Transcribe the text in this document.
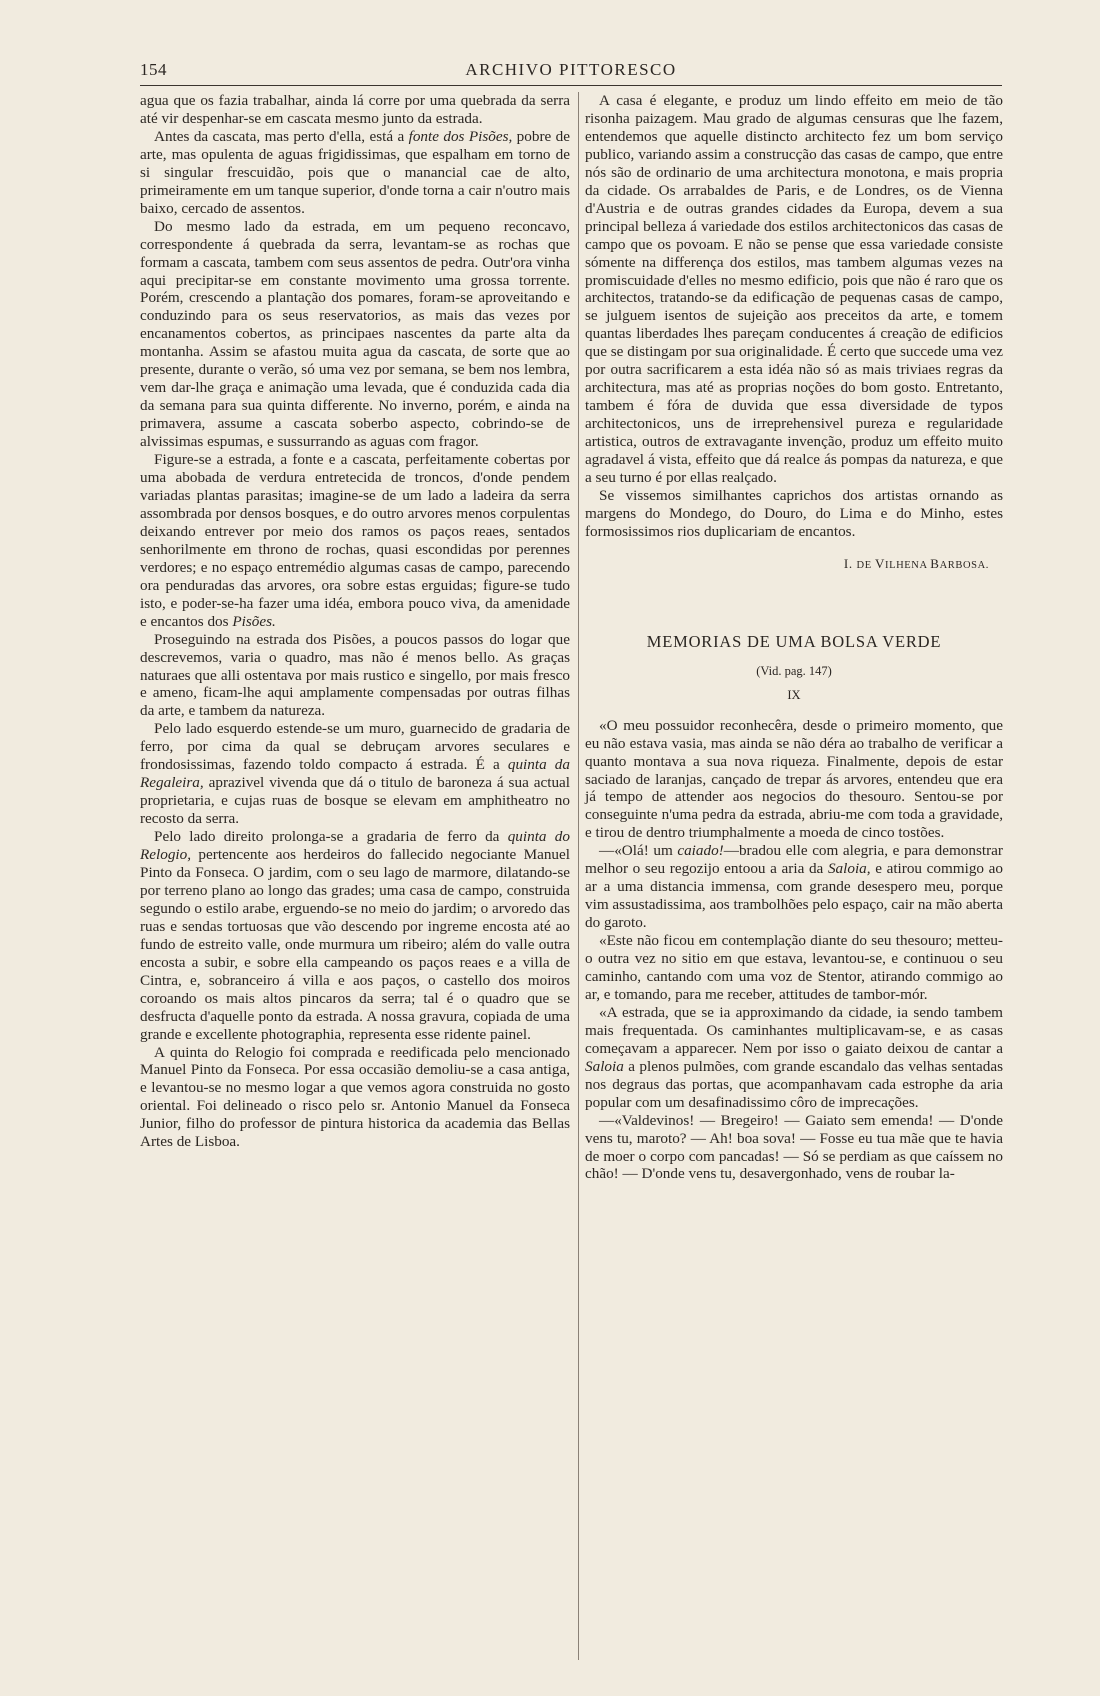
154	ARCHIVO PITTORESCO

agua que os fazia trabalhar, ainda lá corre por uma quebrada da serra até vir despenhar-se em cascata mesmo junto da estrada.

Antes da cascata, mas perto d'ella, está a fonte dos Pisões, pobre de arte, mas opulenta de aguas frigidissimas, que espalham em torno de si singular frescuidão, pois que o manancial cae de alto, primeiramente em um tanque superior, d'onde torna a cair n'outro mais baixo, cercado de assentos.

Do mesmo lado da estrada, em um pequeno reconcavo, correspondente á quebrada da serra, levantam-se as rochas que formam a cascata, tambem com seus assentos de pedra. Outr'ora vinha aqui precipitar-se em constante movimento uma grossa torrente. Porém, crescendo a plantação dos pomares, foram-se aproveitando e conduzindo para os seus reservatorios, as mais das vezes por encanamentos cobertos, as principaes nascentes da parte alta da montanha. Assim se afastou muita agua da cascata, de sorte que ao presente, durante o verão, só uma vez por semana, se bem nos lembra, vem dar-lhe graça e animação uma levada, que é conduzida cada dia da semana para sua quinta differente. No inverno, porém, e ainda na primavera, assume a cascata soberbo aspecto, cobrindo-se de alvissimas espumas, e sussurrando as aguas com fragor.

Figure-se a estrada, a fonte e a cascata, perfeitamente cobertas por uma abobada de verdura entretecida de troncos, d'onde pendem variadas plantas parasitas; imagine-se de um lado a ladeira da serra assombrada por densos bosques, e do outro arvores menos corpulentas deixando entrever por meio dos ramos os paços reaes, sentados senhorilmente em throno de rochas, quasi escondidas por perennes verdores; e no espaço entremédio algumas casas de campo, parecendo ora penduradas das arvores, ora sobre estas erguidas; figure-se tudo isto, e poder-se-ha fazer uma idéa, embora pouco viva, da amenidade e encantos dos Pisões.

Proseguindo na estrada dos Pisões, a poucos passos do logar que descrevemos, varia o quadro, mas não é menos bello. As graças naturaes que alli ostentava por mais rustico e singello, por mais fresco e ameno, ficam-lhe aqui amplamente compensadas por outras filhas da arte, e tambem da natureza.

Pelo lado esquerdo estende-se um muro, guarnecido de gradaria de ferro, por cima da qual se debruçam arvores seculares e frondosissimas, fazendo toldo compacto á estrada. É a quinta da Regaleira, aprazivel vivenda que dá o titulo de baroneza á sua actual proprietaria, e cujas ruas de bosque se elevam em amphitheatro no recosto da serra.

Pelo lado direito prolonga-se a gradaria de ferro da quinta do Relogio, pertencente aos herdeiros do fallecido negociante Manuel Pinto da Fonseca. O jardim, com o seu lago de marmore, dilatando-se por terreno plano ao longo das grades; uma casa de campo, construida segundo o estilo arabe, erguendo-se no meio do jardim; o arvoredo das ruas e sendas tortuosas que vão descendo por ingreme encosta até ao fundo de estreito valle, onde murmura um ribeiro; além do valle outra encosta a subir, e sobre ella campeando os paços reaes e a villa de Cintra, e, sobranceiro á villa e aos paços, o castello dos moiros coroando os mais altos pincaros da serra; tal é o quadro que se desfructa d'aquelle ponto da estrada. A nossa gravura, copiada de uma grande e excellente photographia, representa esse ridente painel.

A quinta do Relogio foi comprada e reedificada pelo mencionado Manuel Pinto da Fonseca. Por essa occasião demoliu-se a casa antiga, e levantou-se no mesmo logar a que vemos agora construida no gosto oriental. Foi delineado o risco pelo sr. Antonio Manuel da Fonseca Junior, filho do professor de pintura historica da academia das Bellas Artes de Lisboa.

A casa é elegante, e produz um lindo effeito em meio de tão risonha paizagem. Mau grado de algumas censuras que lhe fazem, entendemos que aquelle distincto architecto fez um bom serviço publico, variando assim a construcção das casas de campo, que entre nós são de ordinario de uma architectura monotona, e mais propria da cidade. Os arrabaldes de Paris, e de Londres, os de Vienna d'Austria e de outras grandes cidades da Europa, devem a sua principal belleza á variedade dos estilos architectonicos das casas de campo que os povoam. E não se pense que essa variedade consiste sómente na differença dos estilos, mas tambem algumas vezes na promiscuidade d'elles no mesmo edificio, pois que não é raro que os architectos, tratando-se da edificação de pequenas casas de campo, se julguem isentos de sujeição aos preceitos da arte, e tomem quantas liberdades lhes pareçam conducentes á creação de edificios que se distingam por sua originalidade. É certo que succede uma vez por outra sacrificarem a esta idéa não só as mais triviaes regras da architectura, mas até as proprias noções do bom gosto. Entretanto, tambem é fóra de duvida que essa diversidade de typos architectonicos, uns de irreprehensivel pureza e regularidade artistica, outros de extravagante invenção, produz um effeito muito agradavel á vista, effeito que dá realce ás pompas da natureza, e que a seu turno é por ellas realçado.

Se vissemos similhantes caprichos dos artistas ornando as margens do Mondego, do Douro, do Lima e do Minho, estes formosissimos rios duplicariam de encantos.

I. DE VILHENA BARBOSA.
MEMORIAS DE UMA BOLSA VERDE
(Vid. pag. 147)
IX

«O meu possuidor reconhecêra, desde o primeiro momento, que eu não estava vasia, mas ainda se não déra ao trabalho de verificar a quanto montava a sua nova riqueza. Finalmente, depois de estar saciado de laranjas, cançado de trepar ás arvores, entendeu que era já tempo de attender aos negocios do thesouro. Sentou-se por conseguinte n'uma pedra da estrada, abriu-me com toda a gravidade, e tirou de dentro triumphalmente a moeda de cinco tostões.

—«Olá! um caiado!—bradou elle com alegria, e para demonstrar melhor o seu regozijo entoou a aria da Saloia, e atirou commigo ao ar a uma distancia immensa, com grande desespero meu, porque vim assustadissima, aos trambolhões pelo espaço, cair na mão aberta do garoto.

«Este não ficou em contemplação diante do seu thesouro; metteu-o outra vez no sitio em que estava, levantou-se, e continuou o seu caminho, cantando com uma voz de Stentor, atirando commigo ao ar, e tomando, para me receber, attitudes de tambor-mór.

«A estrada, que se ia approximando da cidade, ia sendo tambem mais frequentada. Os caminhantes multiplicavam-se, e as casas começavam a apparecer. Nem por isso o gaiato deixou de cantar a Saloia a plenos pulmões, com grande escandalo das velhas sentadas nos degraus das portas, que acompanhavam cada estrophe da aria popular com um desafinadissimo côro de imprecações.

—«Valdevinos! — Bregeiro! — Gaiato sem emenda! — D'onde vens tu, maroto? — Ah! boa sova! — Fosse eu tua mãe que te havia de moer o corpo com pancadas! — Só se perdiam as que caíssem no chão! — D'onde vens tu, desavergonhado, vens de roubar la-
